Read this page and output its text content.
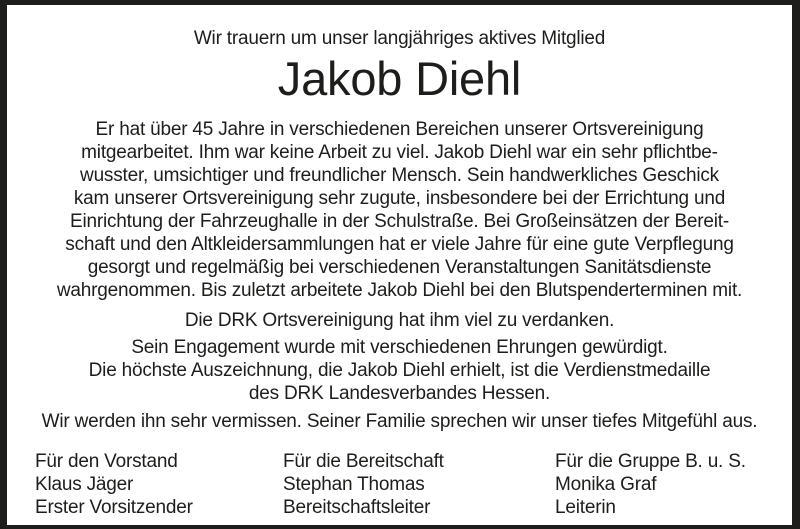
Wir trauern um unser langjähriges aktives Mitglied
Jakob Diehl
Er hat über 45 Jahre in verschiedenen Bereichen unserer Ortsvereinigung
mitgearbeitet. Ihm war keine Arbeit zu viel. Jakob Diehl war ein sehr pflichtbe-
wusster, umsichtiger und freundlicher Mensch. Sein handwerkliches Geschick
kam unserer Ortsvereinigung sehr zugute, insbesondere bei der Errichtung und
Einrichtung der Fahrzeughalle in der Schulstraße. Bei Großeinsätzen der Bereit-
schaft und den Altkleidersammlungen hat er viele Jahre für eine gute Verpflegung
gesorgt und regelmäßig bei verschiedenen Veranstaltungen Sanitätsdienste
wahrgenommen. Bis zuletzt arbeitete Jakob Diehl bei den Blutspenderterminen mit.
Die DRK Ortsvereinigung hat ihm viel zu verdanken.
Sein Engagement wurde mit verschiedenen Ehrungen gewürdigt.
Die höchste Auszeichnung, die Jakob Diehl erhielt, ist die Verdienstmedaille
des DRK Landesverbandes Hessen.
Wir werden ihn sehr vermissen. Seiner Familie sprechen wir unser tiefes Mitgefühl aus.
Für den Vorstand
Klaus Jäger
Erster Vorsitzender
Für die Bereitschaft
Stephan Thomas
Bereitschaftsleiter
Für die Gruppe B. u. S.
Monika Graf
Leiterin
